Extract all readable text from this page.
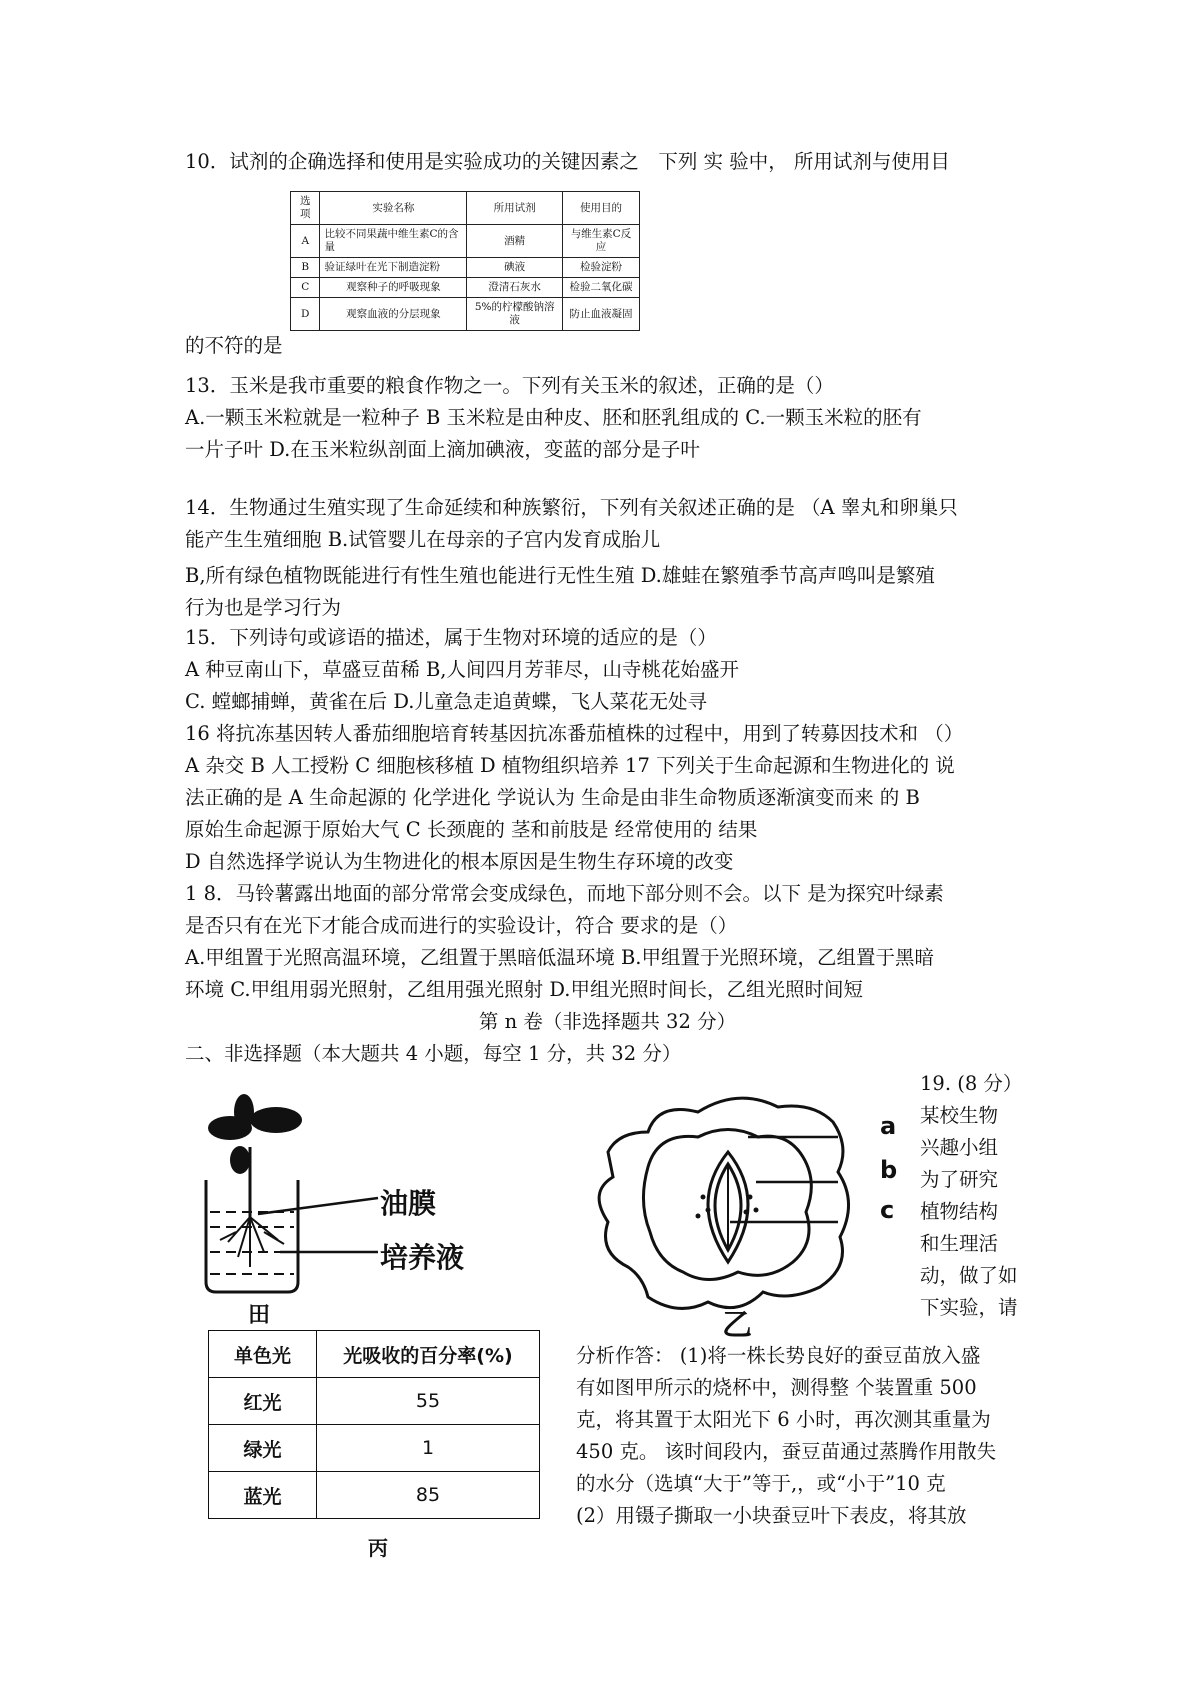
10．试剂的企确选择和使用是实验成功的关键因素之　下列 实 验中， 所用试剂与使用目

选项	实验名称	所用试剂	使用目的
A	比较不同果蔬中维生素C的含量	酒精	与维生素C反应
B	验证绿叶在光下制造淀粉	碘液	检验淀粉
C	观察种子的呼吸现象	澄清石灰水	检验二氧化碳
D	观察血液的分层现象	5%的柠檬酸钠溶液	防止血液凝固

的不符的是

13．玉米是我市重要的粮食作物之一。下列有关玉米的叙述，正确的是（）

A.一颗玉米粒就是一粒种子 B 玉米粒是由种皮、胚和胚乳组成的 C.一颗玉米粒的胚有

一片子叶 D.在玉米粒纵剖面上滴加碘液，变蓝的部分是子叶

14．生物通过生殖实现了生命延续和种族繁衍，下列有关叙述正确的是 （A 睾丸和卵巢只

能产生生殖细胞 B.试管婴儿在母亲的子宫内发育成胎儿

B,所有绿色植物既能进行有性生殖也能进行无性生殖 D.雄蛙在繁殖季节高声鸣叫是繁殖

行为也是学习行为

15．下列诗句或谚语的描述，属于生物对环境的适应的是（）

A 种豆南山下，草盛豆苗稀 B,人间四月芳菲尽，山寺桃花始盛开

C. 螳螂捕蝉，黄雀在后 D.儿童急走追黄蝶，飞人菜花无处寻

16 将抗冻基因转人番茄细胞培育转基因抗冻番茄植株的过程中，用到了转募因技术和 （）

A 杂交 B 人工授粉 C 细胞核移植 D 植物组织培养 17 下列关于生命起源和生物进化的 说

法正确的是 A 生命起源的 化学进化 学说认为 生命是由非生命物质逐渐演变而来 的 B

原始生命起源于原始大气 C 长颈鹿的 茎和前肢是 经常使用的 结果

D 自然选择学说认为生物进化的根本原因是生物生存环境的改变

1 8．马铃薯露出地面的部分常常会变成绿色，而地下部分则不会。以下 是为探究叶绿素

是否只有在光下才能合成而进行的实验设计，符合 要求的是（）

A.甲组置于光照高温环境，乙组置于黑暗低温环境 B.甲组置于光照环境，乙组置于黑暗

环境 C.甲组用弱光照射，乙组用强光照射 D.甲组光照时间长，乙组光照时间短

第 n 卷（非选择题共 32 分）

二、非选择题（本大题共 4 小题，每空 1 分，共 32 分）

油膜
培养液
田
a
b
c
乙
19. (8 分）
某校生物
兴趣小组
为了研究
植物结构
和生理活
动，做了如
下实验，请
单色光	光吸收的百分率(%)
红光	55
绿光	1
蓝光	85
丙
分析作答： (1)将一株长势良好的蚕豆苗放入盛
有如图甲所示的烧杯中，测得整 个装置重 500
克，将其置于太阳光下 6 小时，再次测其重量为
450 克。 该时间段内，蚕豆苗通过蒸腾作用散失
的水分（选填“大于”等于,，或“小于”10 克
(2）用镊子撕取一小块蚕豆叶下表皮，将其放
